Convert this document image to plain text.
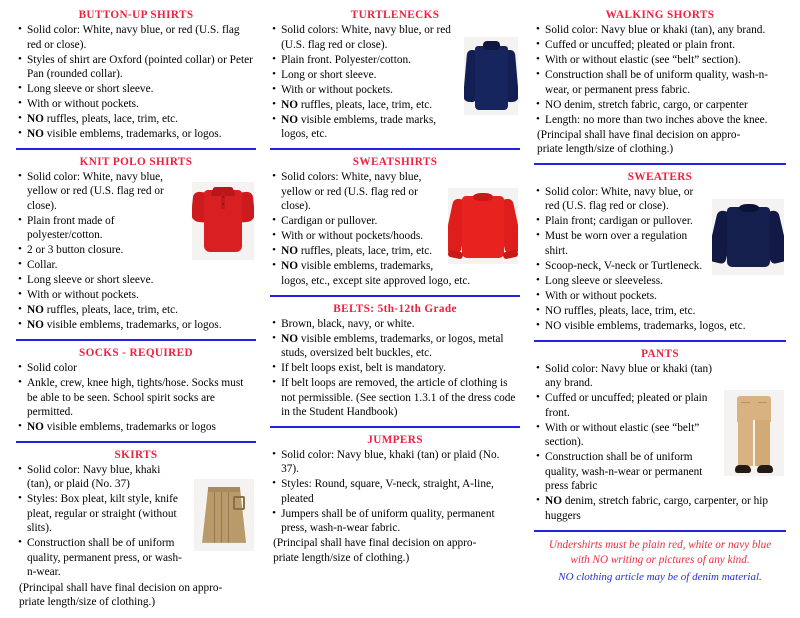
BUTTON-UP SHIRTS
• Solid color: White, navy blue, or red (U.S. flag red or close).
• Styles of shirt are Oxford (pointed collar) or Peter Pan (rounded collar).
• Long sleeve or short sleeve.
• With or without pockets.
• NO ruffles, pleats, lace, trim, etc.
• NO visible emblems, trademarks, or logos.
KNIT POLO SHIRTS
• Solid color: White, navy blue, yellow or red (U.S. flag red or close).
• Plain front made of polyester/cotton.
• 2 or 3 button closure.
• Collar.
• Long sleeve or short sleeve.
• With or without pockets.
• NO ruffles, pleats, lace, trim, etc.
• NO visible emblems, trademarks, or logos.
SOCKS - REQUIRED
• Solid color
• Ankle, crew, knee high, tights/hose. Socks must be able to be seen. School spirit socks are permitted.
• NO visible emblems, trademarks or logos
SKIRTS
• Solid color: Navy blue, khaki (tan), or plaid (No. 37)
• Styles: Box pleat, kilt style, knife pleat, regular or straight (without slits).
• Construction shall be of uniform quality, permanent press, or wash-n-wear.

(Principal shall have final decision on appro-

priate length/size of clothing.)

TURTLENECKS
• Solid colors: White, navy blue, or red (U.S. flag red or close).
• Plain front. Polyester/cotton.
• Long or short sleeve.
• With or without pockets.
• NO ruffles, pleats, lace, trim, etc.
• NO visible emblems, trade marks, logos, etc.
SWEATSHIRTS
• Solid colors: White, navy blue, yellow or red (U.S. flag red or close).
• Cardigan or pullover.
• With or without pockets/hoods.
• NO ruffles, pleats, lace, trim, etc.
• NO visible emblems, trademarks, logos, etc., except site approved logo, etc.
BELTS: 5th-12th Grade
• Brown, black, navy, or white.
• NO visible emblems, trademarks, or logos, metal studs, oversized belt buckles, etc.
• If belt loops exist, belt is mandatory.
• If belt loops are removed, the article of clothing is not permissible. (See section 1.3.1 of the dress code in the Student Handbook)
JUMPERS
• Solid color: Navy blue, khaki (tan) or plaid (No. 37).
• Styles: Round, square, V-neck, straight, A-line, pleated
• Jumpers shall be of uniform quality, permanent press, wash-n-wear fabric.

(Principal shall have final decision on appro-

priate length/size of clothing.)

WALKING SHORTS
• Solid color: Navy blue or khaki (tan), any brand.
• Cuffed or uncuffed; pleated or plain front.
• With or without elastic (see “belt” section).
• Construction shall be of uniform quality, wash-n-wear, or permanent press fabric.
• NO denim, stretch fabric, cargo, or carpenter
• Length: no more than two inches above the knee.

(Principal shall have final decision on appro-

priate length/size of clothing.)

SWEATERS
• Solid color: White, navy blue, or red (U.S. flag red or close).
• Plain front; cardigan or pullover.
• Must be worn over a regulation shirt.
• Scoop-neck, V-neck or Turtleneck.
• Long sleeve or sleeveless.
• With or without pockets.
• NO ruffles, pleats, lace, trim, etc.
• NO visible emblems, trademarks, logos, etc.
PANTS
• Solid color: Navy blue or khaki (tan) any brand.
• Cuffed or uncuffed; pleated or plain front.
• With or without elastic (see “belt” section).
• Construction shall be of uniform quality, wash-n-wear or permanent press fabric
• NO denim, stretch fabric, cargo, carpenter, or hip huggers
Undershirts must be plain red, white or navy blue
with NO writing or pictures of any kind.
NO clothing article may be of denim material.
